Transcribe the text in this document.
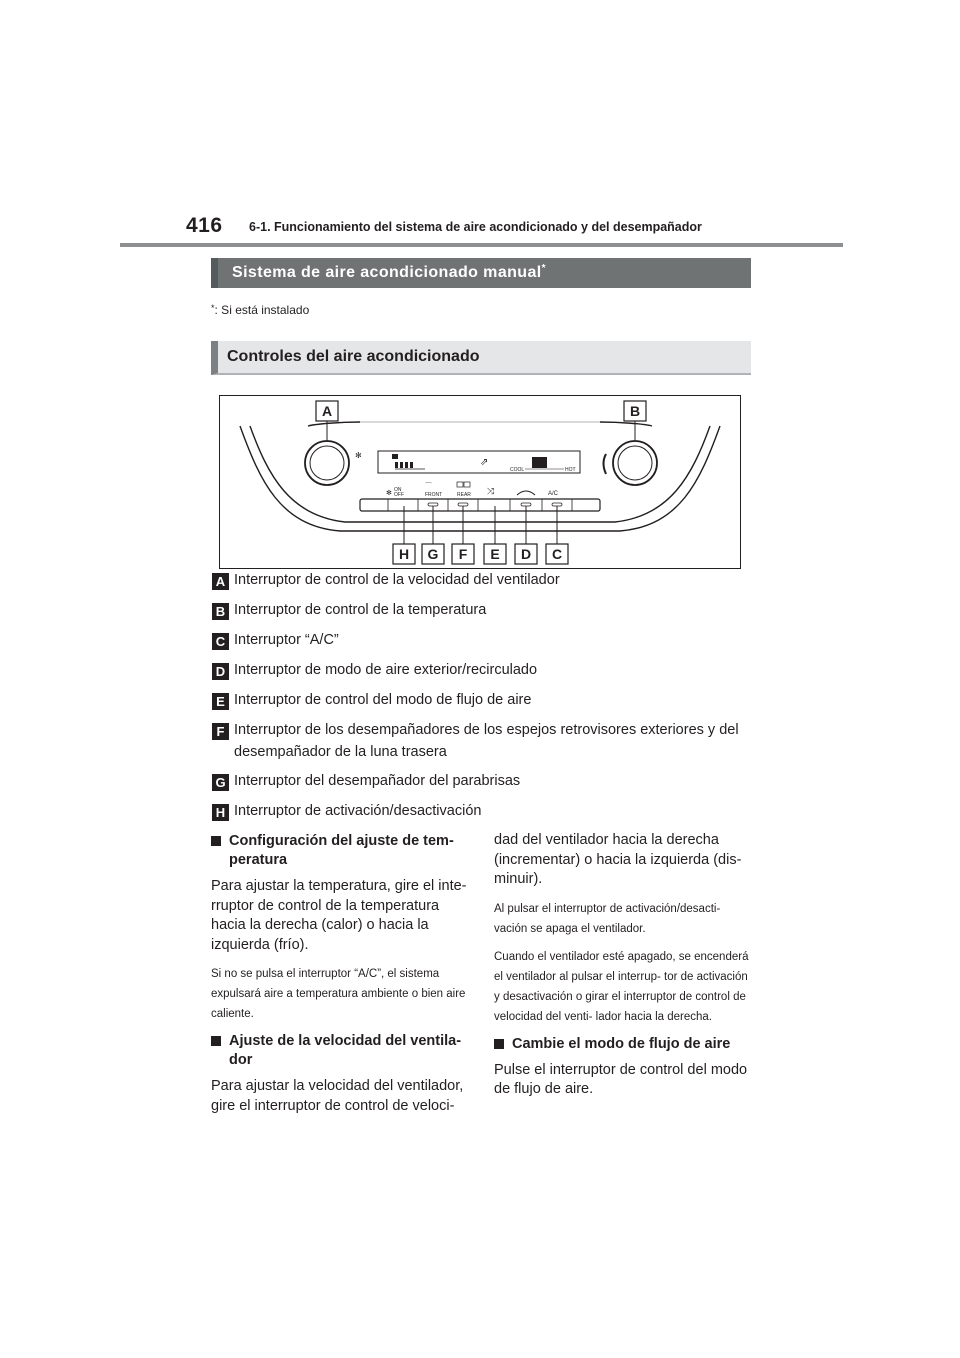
416 6-1. Funcionamiento del sistema de aire acondicionado y del desempañador
Sistema de aire acondicionado manual*
*: Si está instalado
Controles del aire acondicionado
✻
⇗
COOL	HOT
ON
OFF
✻
⌒
FRONT	REAR ⤨	A/C
A	B
H G F E D C
A Interruptor de control de la velocidad del ventilador
B Interruptor de control de la temperatura
C Interruptor “A/C”
D Interruptor de modo de aire exterior/recirculado
E Interruptor de control del modo de flujo de aire
F Interruptor de los desempañadores de los espejos retrovisores exteriores y del
desempañador de la luna trasera
G Interruptor del desempañador del parabrisas
H Interruptor de activación/desactivación
Configuración del ajuste de tem-
peratura
Para ajustar la temperatura, gire el inte- rruptor de control de la temperatura hacia la derecha (calor) o hacia la izquierda (frío).
Si no se pulsa el interruptor “A/C”, el sistema expulsará aire a temperatura ambiente o bien aire caliente.
Ajuste de la velocidad del ventila-
dor
Para ajustar la velocidad del ventilador, gire el interruptor de control de veloci-
dad del ventilador hacia la derecha (incrementar) o hacia la izquierda (dis- minuir).
Al pulsar el interruptor de activación/desacti- vación se apaga el ventilador.
Cuando el ventilador esté apagado, se encenderá el ventilador al pulsar el interrup- tor de activación y desactivación o girar el interruptor de control de velocidad del venti- lador hacia la derecha.
Cambie el modo de flujo de aire
Pulse el interruptor de control del modo de flujo de aire.
